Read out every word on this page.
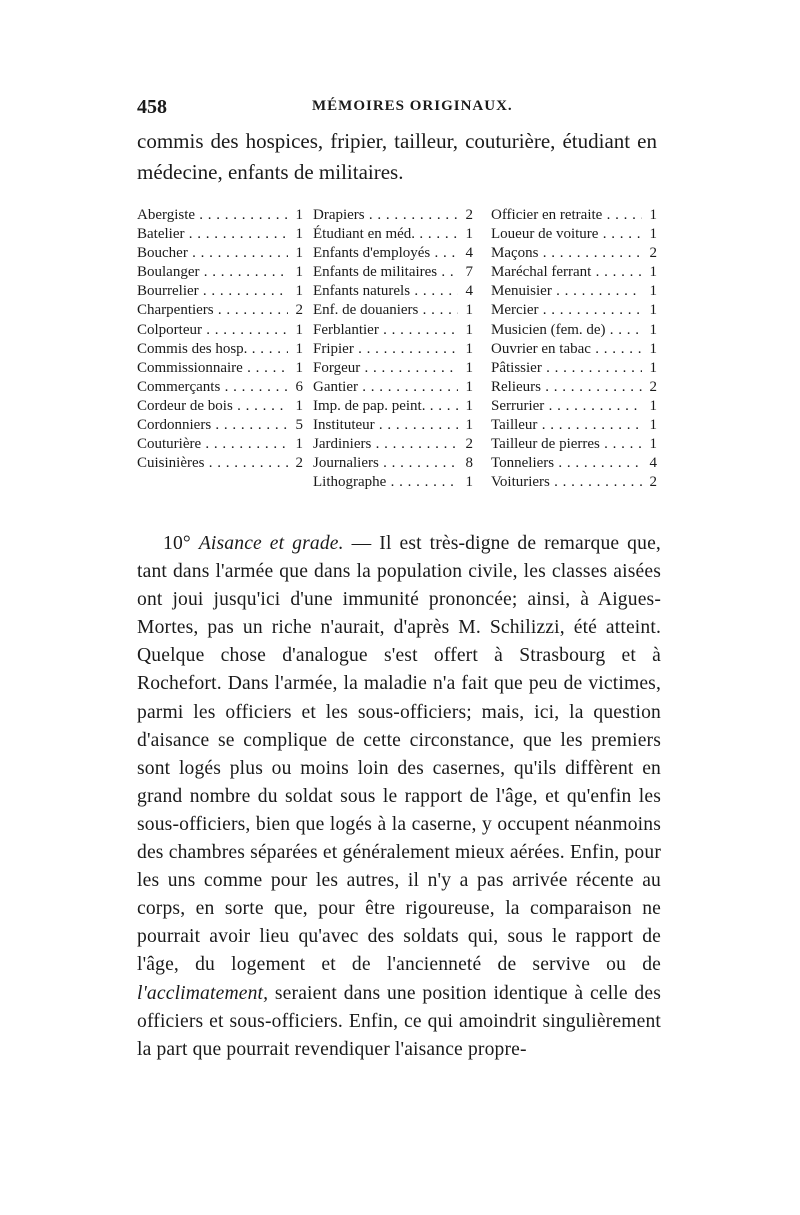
458	MÉMOIRES ORIGINAUX.

commis des hospices, fripier, tailleur, couturière, étudiant en médecine, enfants de militaires.

Abergiste . . .	1
Batelier . . .	1
Boucher . . .	1
Boulanger . . .	1
Bourrelier . . .	1
Charpentiers . . .	2
Colporteur . . .	1
Commis des hosp. . . .	1
Commissionnaire . . .	1
Commerçants . . .	6
Cordeur de bois . . .	1
Cordonniers . . .	5
Couturière . . .	1
Cuisinières . . .	2
Drapiers . . .	2
Étudiant en méd. . . .	1
Enfants d'employés . . .	4
Enfants de militaires . . .	7
Enfants naturels . . .	4
Enf. de douaniers . . .	1
Ferblantier . . .	1
Fripier . . .	1
Forgeur . . .	1
Gantier . . .	1
Imp. de pap. peint. . . .	1
Instituteur . . .	1
Jardiniers . . .	2
Journaliers . . .	8
Lithographe . . .	1
Officier en retraite . . .	1
Loueur de voiture . . .	1
Maçons . . .	2
Maréchal ferrant . . .	1
Menuisier . . .	1
Mercier . . .	1
Musicien (fem. de) . . .	1
Ouvrier en tabac . . .	1
Pâtissier . . .	1
Relieurs . . .	2
Serrurier . . .	1
Tailleur . . .	1
Tailleur de pierres . . .	1
Tonneliers . . .	4
Voituriers . . .	2

10° Aisance et grade. — Il est très-digne de remarque que, tant dans l'armée que dans la population civile, les classes aisées ont joui jusqu'ici d'une immunité prononcée; ainsi, à Aigues-Mortes, pas un riche n'aurait, d'après M. Schilizzi, été atteint. Quelque chose d'analogue s'est offert à Strasbourg et à Rochefort. Dans l'armée, la maladie n'a fait que peu de victimes, parmi les officiers et les sous-officiers; mais, ici, la question d'aisance se complique de cette circonstance, que les premiers sont logés plus ou moins loin des casernes, qu'ils diffèrent en grand nombre du soldat sous le rapport de l'âge, et qu'enfin les sous-officiers, bien que logés à la caserne, y occupent néanmoins des chambres séparées et généralement mieux aérées. Enfin, pour les uns comme pour les autres, il n'y a pas arrivée récente au corps, en sorte que, pour être rigoureuse, la comparaison ne pourrait avoir lieu qu'avec des soldats qui, sous le rapport de l'âge, du logement et de l'ancienneté de servive ou de l'acclimatement, seraient dans une position identique à celle des officiers et sous-officiers. Enfin, ce qui amoindrit singulièrement la part que pourrait revendiquer l'aisance propre-
